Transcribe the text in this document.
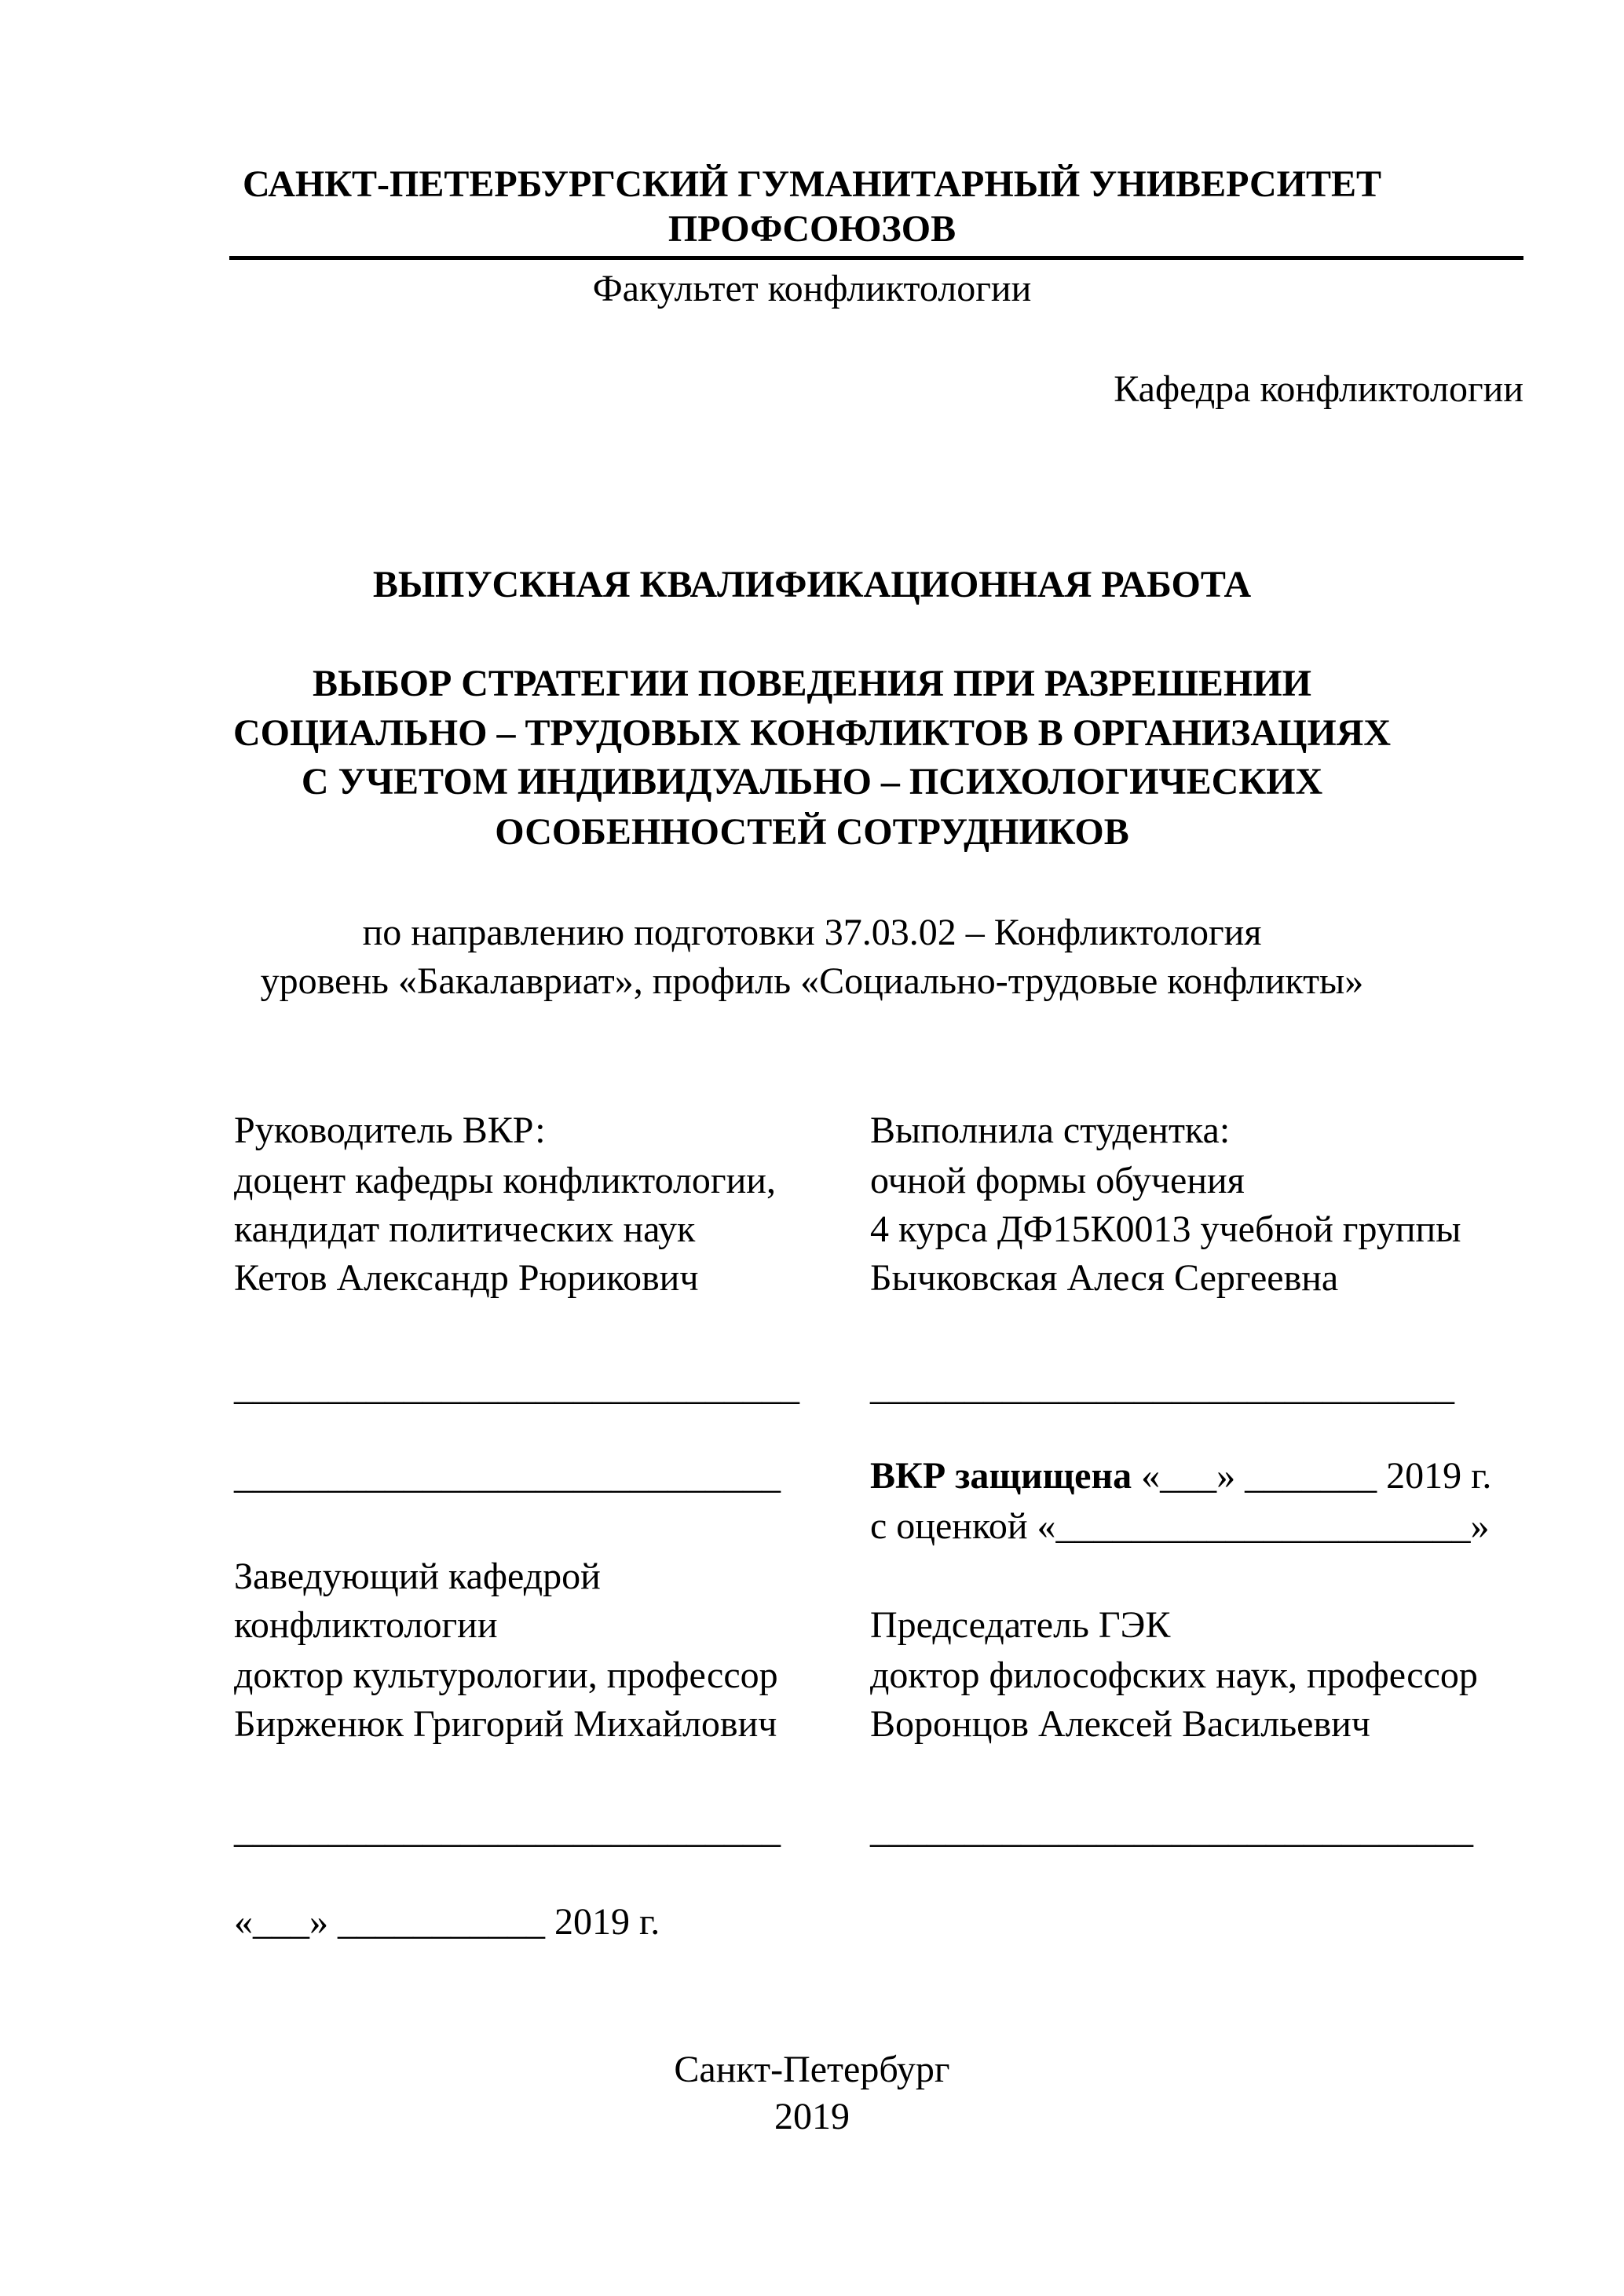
САНКТ-ПЕТЕРБУРГСКИЙ ГУМАНИТАРНЫЙ УНИВЕРСИТЕТ
ПРОФСОЮЗОВ
Факультет конфликтологии
Кафедра конфликтологии
ВЫПУСКНАЯ КВАЛИФИКАЦИОННАЯ РАБОТА
ВЫБОР СТРАТЕГИИ ПОВЕДЕНИЯ ПРИ РАЗРЕШЕНИИ
СОЦИАЛЬНО – ТРУДОВЫХ КОНФЛИКТОВ В ОРГАНИЗАЦИЯХ
С УЧЕТОМ ИНДИВИДУАЛЬНО – ПСИХОЛОГИЧЕСКИХ
ОСОБЕННОСТЕЙ СОТРУДНИКОВ
по направлению подготовки 37.03.02 – Конфликтология
уровень «Бакалавриат», профиль «Социально-трудовые конфликты»
Руководитель ВКР:
доцент кафедры конфликтологии,
кандидат политических наук
Кетов Александр Рюрикович
Выполнила студентка:
очной формы обучения
4 курса ДФ15К0013 учебной группы
Бычковская Алеся Сергеевна
______________________________ _______________________________
_____________________________ ВКР защищена «___» _______ 2019 г.
с оценкой «______________________»
Заведующий кафедрой
конфликтологии
доктор культурологии, профессор
Бирженюк Григорий Михайлович
Председатель ГЭК
доктор философских наук, профессор
Воронцов Алексей Васильевич
_____________________________ ________________________________
«___» ___________ 2019 г.
Санкт-Петербург
2019
